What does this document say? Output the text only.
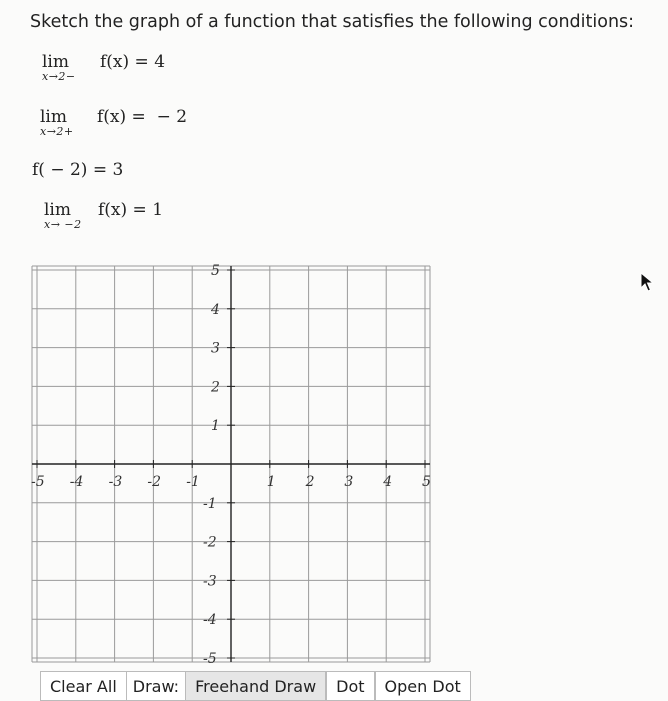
Sketch the graph of a function that satisfies the following conditions:
lim
x→2−
f(x) = 4
lim
x→2+
f(x) =  − 2
f( − 2) = 3
lim
x→ −2
f(x) = 1
-5 -4 -3 -2 -1	1 2 3 4 5
5
4
3
2
1
-1
-2
-3
-4
-5
Clear All	Draw:	Freehand Draw	Dot	Open Dot
